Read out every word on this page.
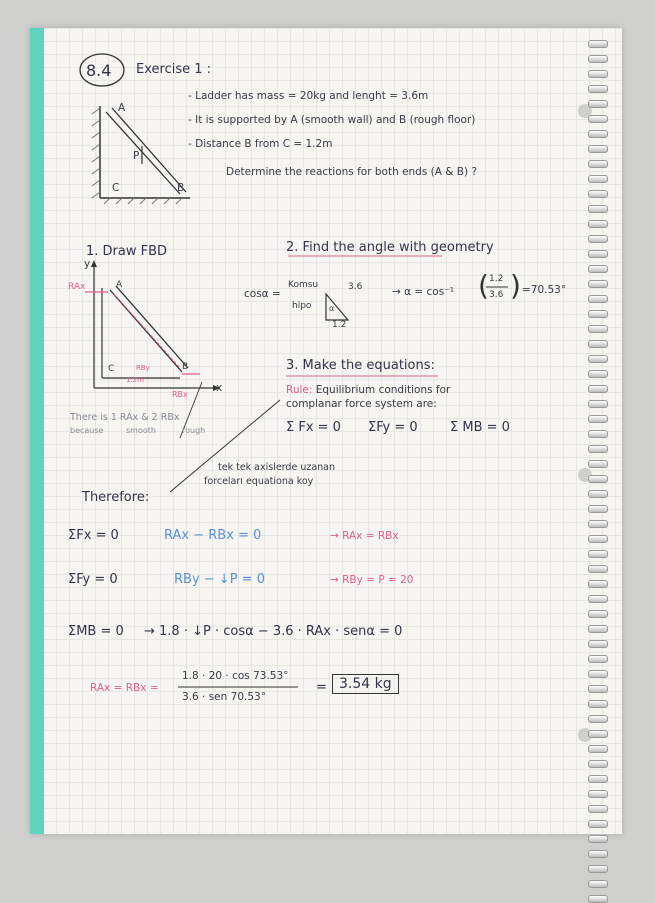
( )
8.4 Exercise 1 :
- Ladder has mass = 20kg and lenght = 3.6m
- It is supported by A (smooth wall) and B (rough floor)
- Distance B from C = 1.2m
Determine the reactions for both ends (A & B) ?
A
B
C
P
1. Draw FBD
y
x
RAx	A
B
C	RBy
1.2m
RBx
There is 1 RAx & 2 RBx
because	smooth	rough
2. Find the angle with geometry
cosα =
Komsu
hipo
3.6
1.2
α
→ α = cos⁻¹
1.2
3.6 =70.53°
3. Make the equations:
Rule: Equilibrium conditions for
complanar force system are:
Σ Fx = 0 ΣFy = 0 Σ MB = 0
tek tek axislerde uzanan
forceları equationa koy
Therefore:
ΣFx = 0	RAx − RBx = 0	→ RAx = RBx
ΣFy = 0	RBy − ↓P = 0	→ RBy = P = 20
ΣMB = 0 → 1.8 · ↓P · cosα − 3.6 · RAx · senα = 0
RAx = RBx =
1.8 · 20 · cos 73.53°
3.6 · sen 70.53°
= 3.54 kg
